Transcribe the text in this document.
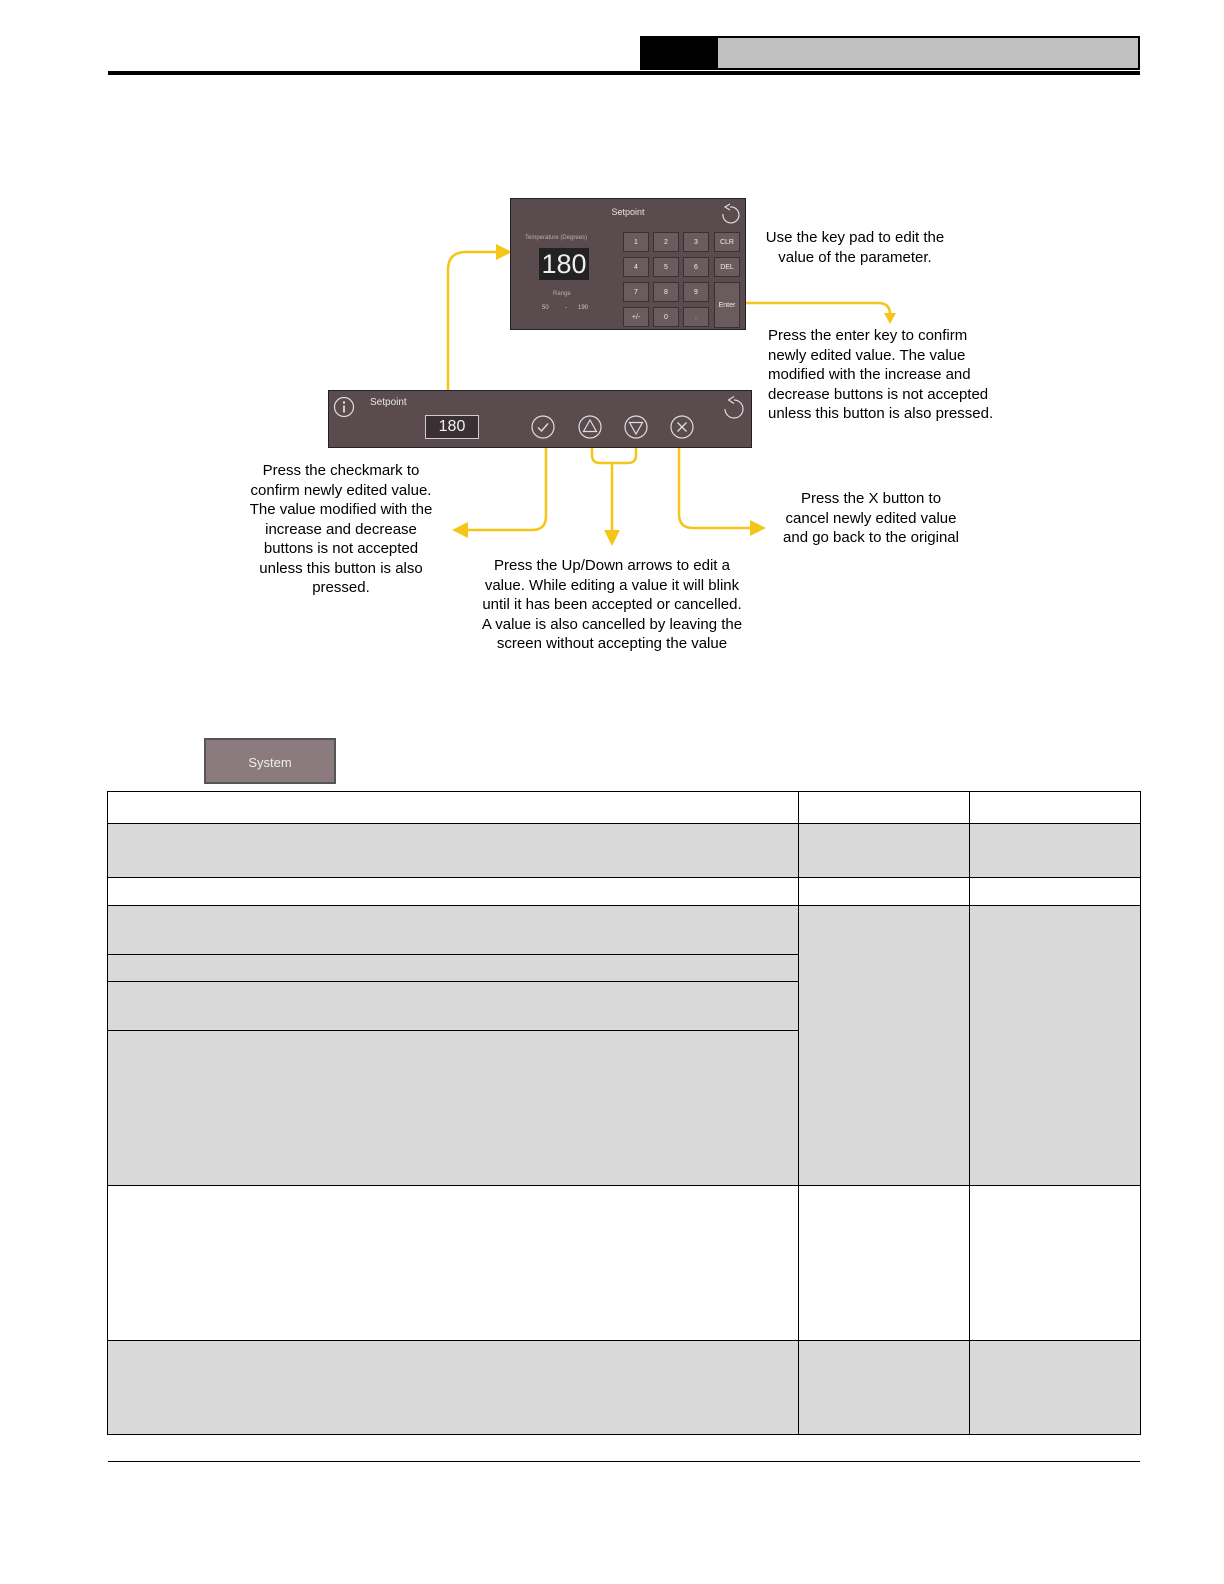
Setpoint
Temperature (Degrees)
180
Range
50	- 190
1	2	3	CLR
4	5	6	DEL
7	8	9
Enter
+/-	0	.
Setpoint
180
Use the key pad to edit the
value of the parameter.
Press the enter key to confirm
newly edited value. The value
modified with the increase and
decrease buttons is not accepted
unless this button is also pressed.
Press the checkmark to
confirm newly edited value.
The value modified with the
increase and decrease
buttons is not accepted
unless this button is also
pressed.
Press the Up/Down arrows to edit a
value. While editing a value it will blink
until it has been accepted or cancelled.
A value is also cancelled by leaving the
screen without accepting the value
Press the X button to
cancel newly edited value
and go back to the original
System
